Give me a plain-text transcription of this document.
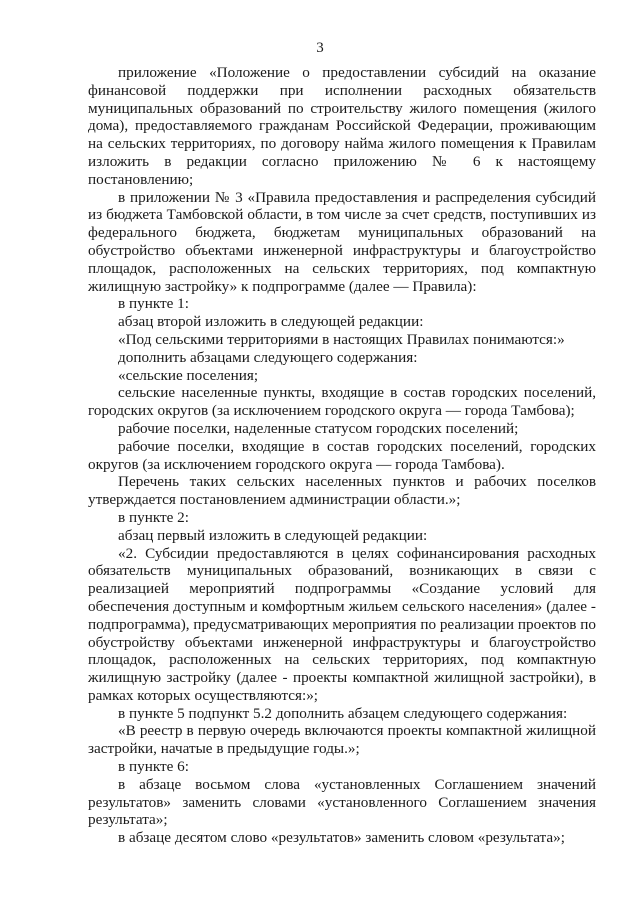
3

приложение «Положение о предоставлении субсидий на оказание финансовой поддержки при исполнении расходных обязательств муниципальных образований по строительству жилого помещения (жилого дома), предоставляемого гражданам Российской Федерации, проживающим на сельских территориях, по договору найма жилого помещения к Правилам изложить в редакции согласно приложению № 6 к настоящему постановлению;

в приложении № 3 «Правила предоставления и распределения субсидий из бюджета Тамбовской области, в том числе за счет средств, поступивших из федерального бюджета, бюджетам муниципальных образований на обустройство объектами инженерной инфраструктуры и благоустройство площадок, расположенных на сельских территориях, под компактную жилищную застройку» к подпрограмме (далее — Правила):

в пункте 1:

абзац второй изложить в следующей редакции:

«Под сельскими территориями в настоящих Правилах понимаются:»

дополнить абзацами следующего содержания:

«сельские поселения;

сельские населенные пункты, входящие в состав городских поселений, городских округов (за исключением городского округа — города Тамбова);

рабочие поселки, наделенные статусом городских поселений;

рабочие поселки, входящие в состав городских поселений, городских округов (за исключением городского округа — города Тамбова).

Перечень таких сельских населенных пунктов и рабочих поселков утверждается постановлением администрации области.»;

в пункте 2:

абзац первый изложить в следующей редакции:

«2. Субсидии предоставляются в целях софинансирования расходных обязательств муниципальных образований, возникающих в связи с реализацией мероприятий подпрограммы «Создание условий для обеспечения доступным и комфортным жильем сельского населения» (далее - подпрограмма), предусматривающих мероприятия по реализации проектов по обустройству объектами инженерной инфраструктуры и благоустройство площадок, расположенных на сельских территориях, под компактную жилищную застройку (далее - проекты компактной жилищной застройки), в рамках которых осуществляются:»;

в пункте 5 подпункт 5.2 дополнить абзацем следующего содержания:

«В реестр в первую очередь включаются проекты компактной жилищной застройки, начатые в предыдущие годы.»;

в пункте 6:

в абзаце восьмом слова «установленных Соглашением значений результатов» заменить словами «установленного Соглашением значения результата»;

в абзаце десятом слово «результатов» заменить словом «результата»;
